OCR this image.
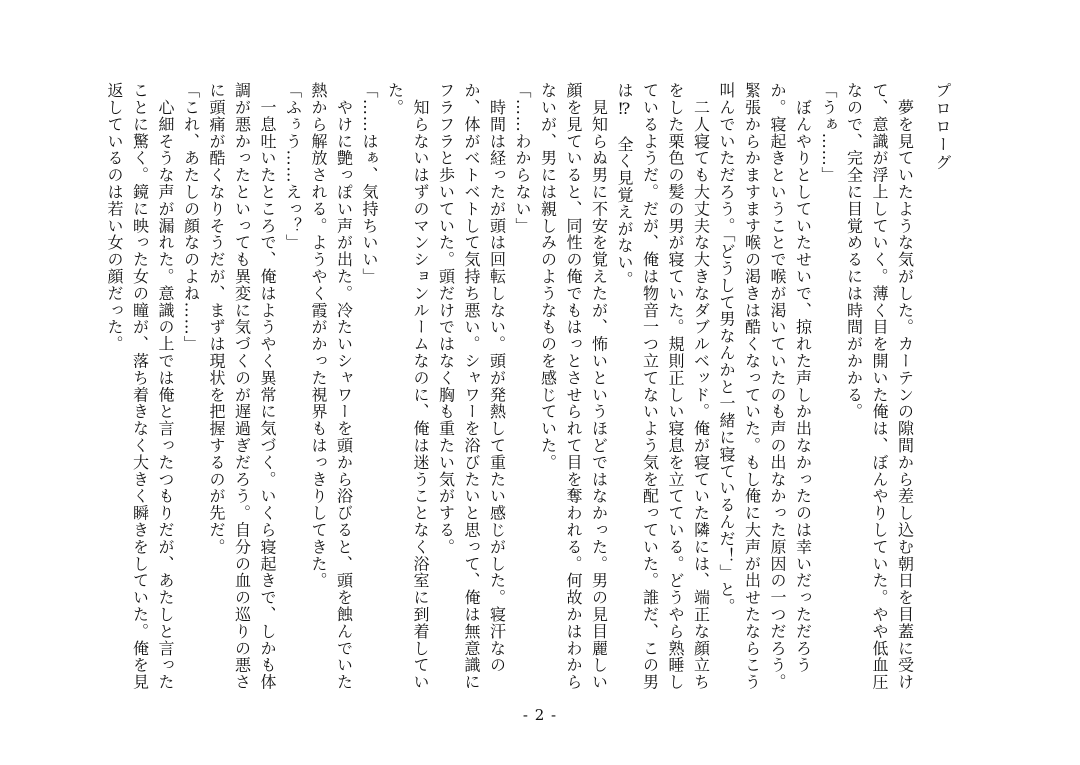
プロローグ

　夢を見ていたような気がした。カーテンの隙間から差し込む朝日を目蓋に受けて、意識が浮上していく。薄く目を開いた俺は、ぼんやりしていた。やや低血圧なので、完全に目覚めるには時間がかかる。

「うぁ……」

　ぼんやりとしていたせいで、掠れた声しか出なかったのは幸いだっただろうか。寝起きということで喉が渇いていたのも声の出なかった原因の一つだろう。緊張からかますます喉の渇きは酷くなっていた。もし俺に大声が出せたならこう叫んでいただろう。「どうして男なんかと一緒に寝ているんだ！」と。

　二人寝ても大丈夫な大きなダブルベッド。俺が寝ていた隣には、端正な顔立ちをした栗色の髪の男が寝ていた。規則正しい寝息を立てている。どうやら熟睡しているようだ。だが、俺は物音一つ立てないよう気を配っていた。誰だ、この男は⁉　全く見覚えがない。

　見知らぬ男に不安を覚えたが、怖いというほどではなかった。男の見目麗しい顔を見ていると、同性の俺でもはっとさせられて目を奪われる。何故かはわからないが、男には親しみのようなものを感じていた。

「……わからない」

　時間は経ったが頭は回転しない。頭が発熱して重たい感じがした。寝汗なのか、体がベトベトして気持ち悪い。シャワーを浴びたいと思って、俺は無意識にフラフラと歩いていた。頭だけではなく胸も重たい気がする。

　知らないはずのマンションルームなのに、俺は迷うことなく浴室に到着していた。

「……はぁ、気持ちいい」

　やけに艶っぽい声が出た。冷たいシャワーを頭から浴びると、頭を蝕んでいた熱から解放される。ようやく霞がかった視界もはっきりしてきた。

「ふぅう……えっ？」

　一息吐いたところで、俺はようやく異常に気づく。いくら寝起きで、しかも体調が悪かったといっても異変に気づくのが遅過ぎだろう。自分の血の巡りの悪さに頭痛が酷くなりそうだが、まずは現状を把握するのが先だ。

「これ、あたしの顔なのよね……」

　心細そうな声が漏れた。意識の上では俺と言ったつもりだが、あたしと言ったことに驚く。鏡に映った女の瞳が、落ち着きなく大きく瞬きをしていた。俺を見返しているのは若い女の顔だった。

- 2 -
